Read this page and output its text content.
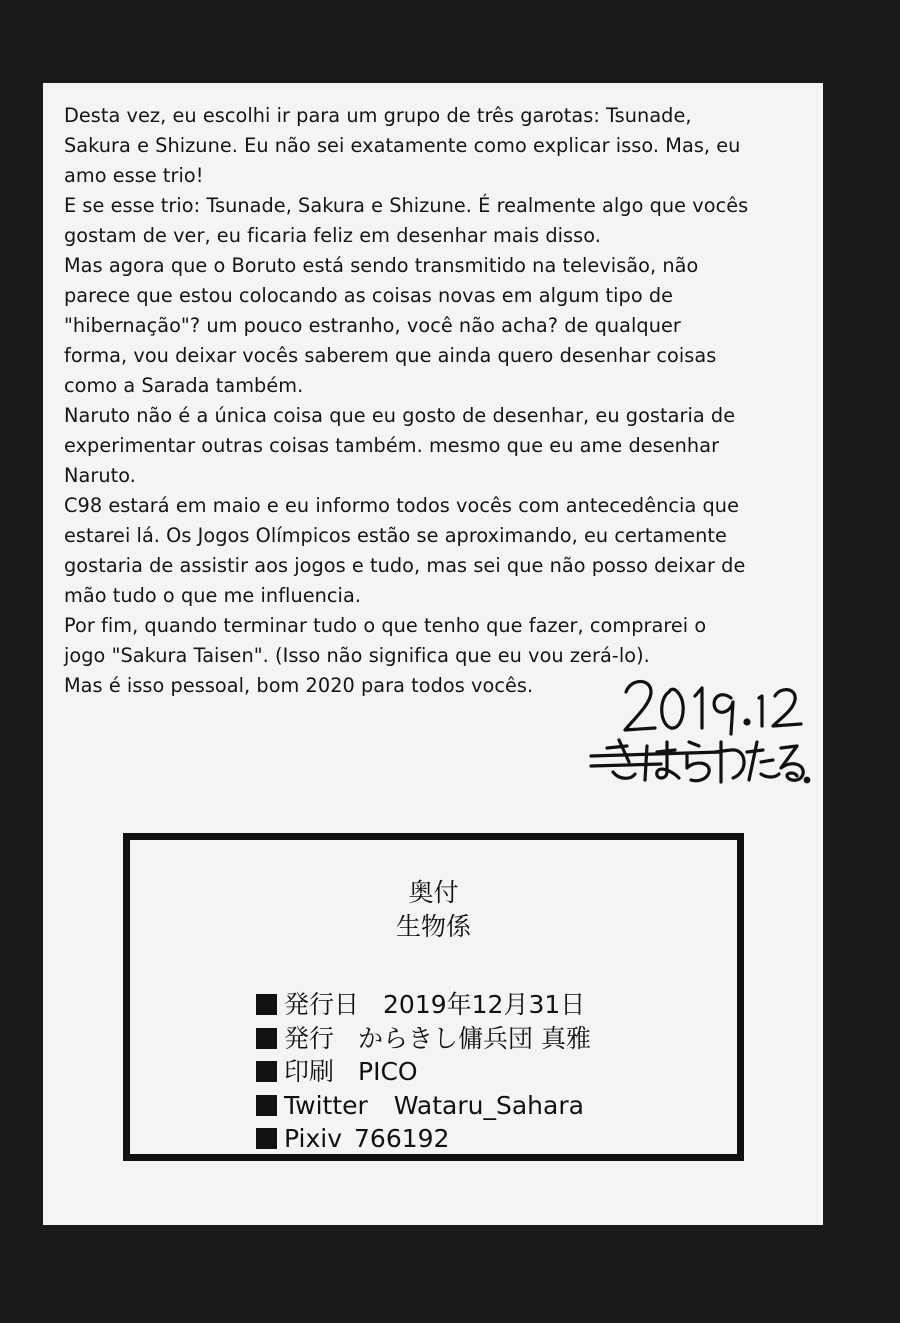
Desta vez, eu escolhi ir para um grupo de três garotas: Tsunade,
Sakura e Shizune. Eu não sei exatamente como explicar isso. Mas, eu
amo esse trio!
E se esse trio: Tsunade, Sakura e Shizune. É realmente algo que vocês
gostam de ver, eu ficaria feliz em desenhar mais disso.
Mas agora que o Boruto está sendo transmitido na televisão, não
parece que estou colocando as coisas novas em algum tipo de
"hibernação"? um pouco estranho, você não acha? de qualquer
forma, vou deixar vocês saberem que ainda quero desenhar coisas
como a Sarada também.
Naruto não é a única coisa que eu gosto de desenhar, eu gostaria de
experimentar outras coisas também. mesmo que eu ame desenhar
Naruto.
C98 estará em maio e eu informo todos vocês com antecedência que
estarei lá. Os Jogos Olímpicos estão se aproximando, eu certamente
gostaria de assistir aos jogos e tudo, mas sei que não posso deixar de
mão tudo o que me influencia.
Por fim, quando terminar tudo o que tenho que fazer, comprarei o
jogo "Sakura Taisen". (Isso não significa que eu vou zerá-lo).
Mas é isso pessoal, bom 2020 para todos vocês.
奥付
生物係
発行日 2019年12月31日
発行 からきし傭兵団 真雅
印刷 PICO
Twitter Wataru_Sahara
Pixiv 766192
